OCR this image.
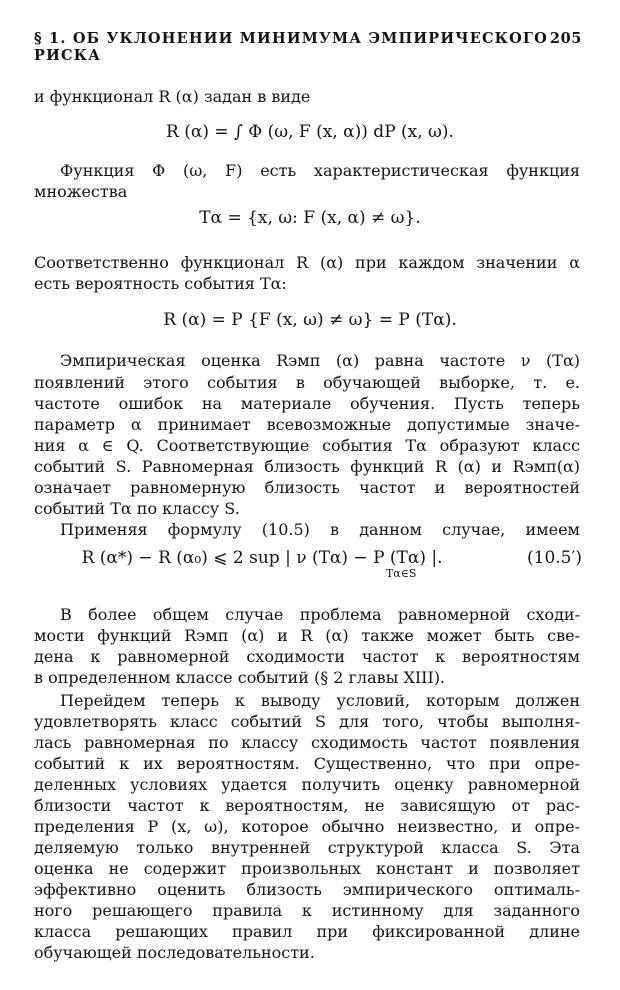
§ 1. ОБ УКЛОНЕНИИ МИНИМУМА ЭМПИРИЧЕСКОГО РИСКА
205
и функционал R (α) задан в виде
R (α) = ∫ Φ (ω, F (x, α)) dP (x, ω).
Функция Φ (ω, F) есть характеристическая функция
множества
Tα = {x, ω: F (x, α) ≠ ω}.
Соответственно функционал R (α) при каждом значении α
есть вероятность события Tα:
R (α) = P {F (x, ω) ≠ ω} = P (Tα).
Эмпирическая оценка Rэмп (α) равна частоте ν (Tα)
появлений этого события в обучающей выборке, т. е.
частоте ошибок на материале обучения. Пусть теперь
параметр α принимает всевозможные допустимые значе-
ния α ∈ Q. Соответствующие события Tα образуют класс
событий S. Равномерная близость функций R (α) и Rэмп(α)
означает равномерную близость частот и вероятностей
событий Tα по классу S.
Применяя формулу (10.5) в данном случае, имеем
R (α*) − R (α₀) ⩽ 2 sup | ν (Tα) − P (Tα) |. $_{T\alpha\in S}$
(10.5′)
В более общем случае проблема равномерной сходи-
мости функций Rэмп (α) и R (α) также может быть све-
дена к равномерной сходимости частот к вероятностям
в определенном классе событий (§ 2 главы XIII).
Перейдем теперь к выводу условий, которым должен
удовлетворять класс событий S для того, чтобы выполня-
лась равномерная по классу сходимость частот появления
событий к их вероятностям. Существенно, что при опре-
деленных условиях удается получить оценку равномерной
близости частот к вероятностям, не зависящую от рас-
пределения P (x, ω), которое обычно неизвестно, и опре-
деляемую только внутренней структурой класса S. Эта
оценка не содержит произвольных констант и позволяет
эффективно оценить близость эмпирического оптималь-
ного решающего правила к истинному для заданного
класса решающих правил при фиксированной длине
обучающей последовательности.
